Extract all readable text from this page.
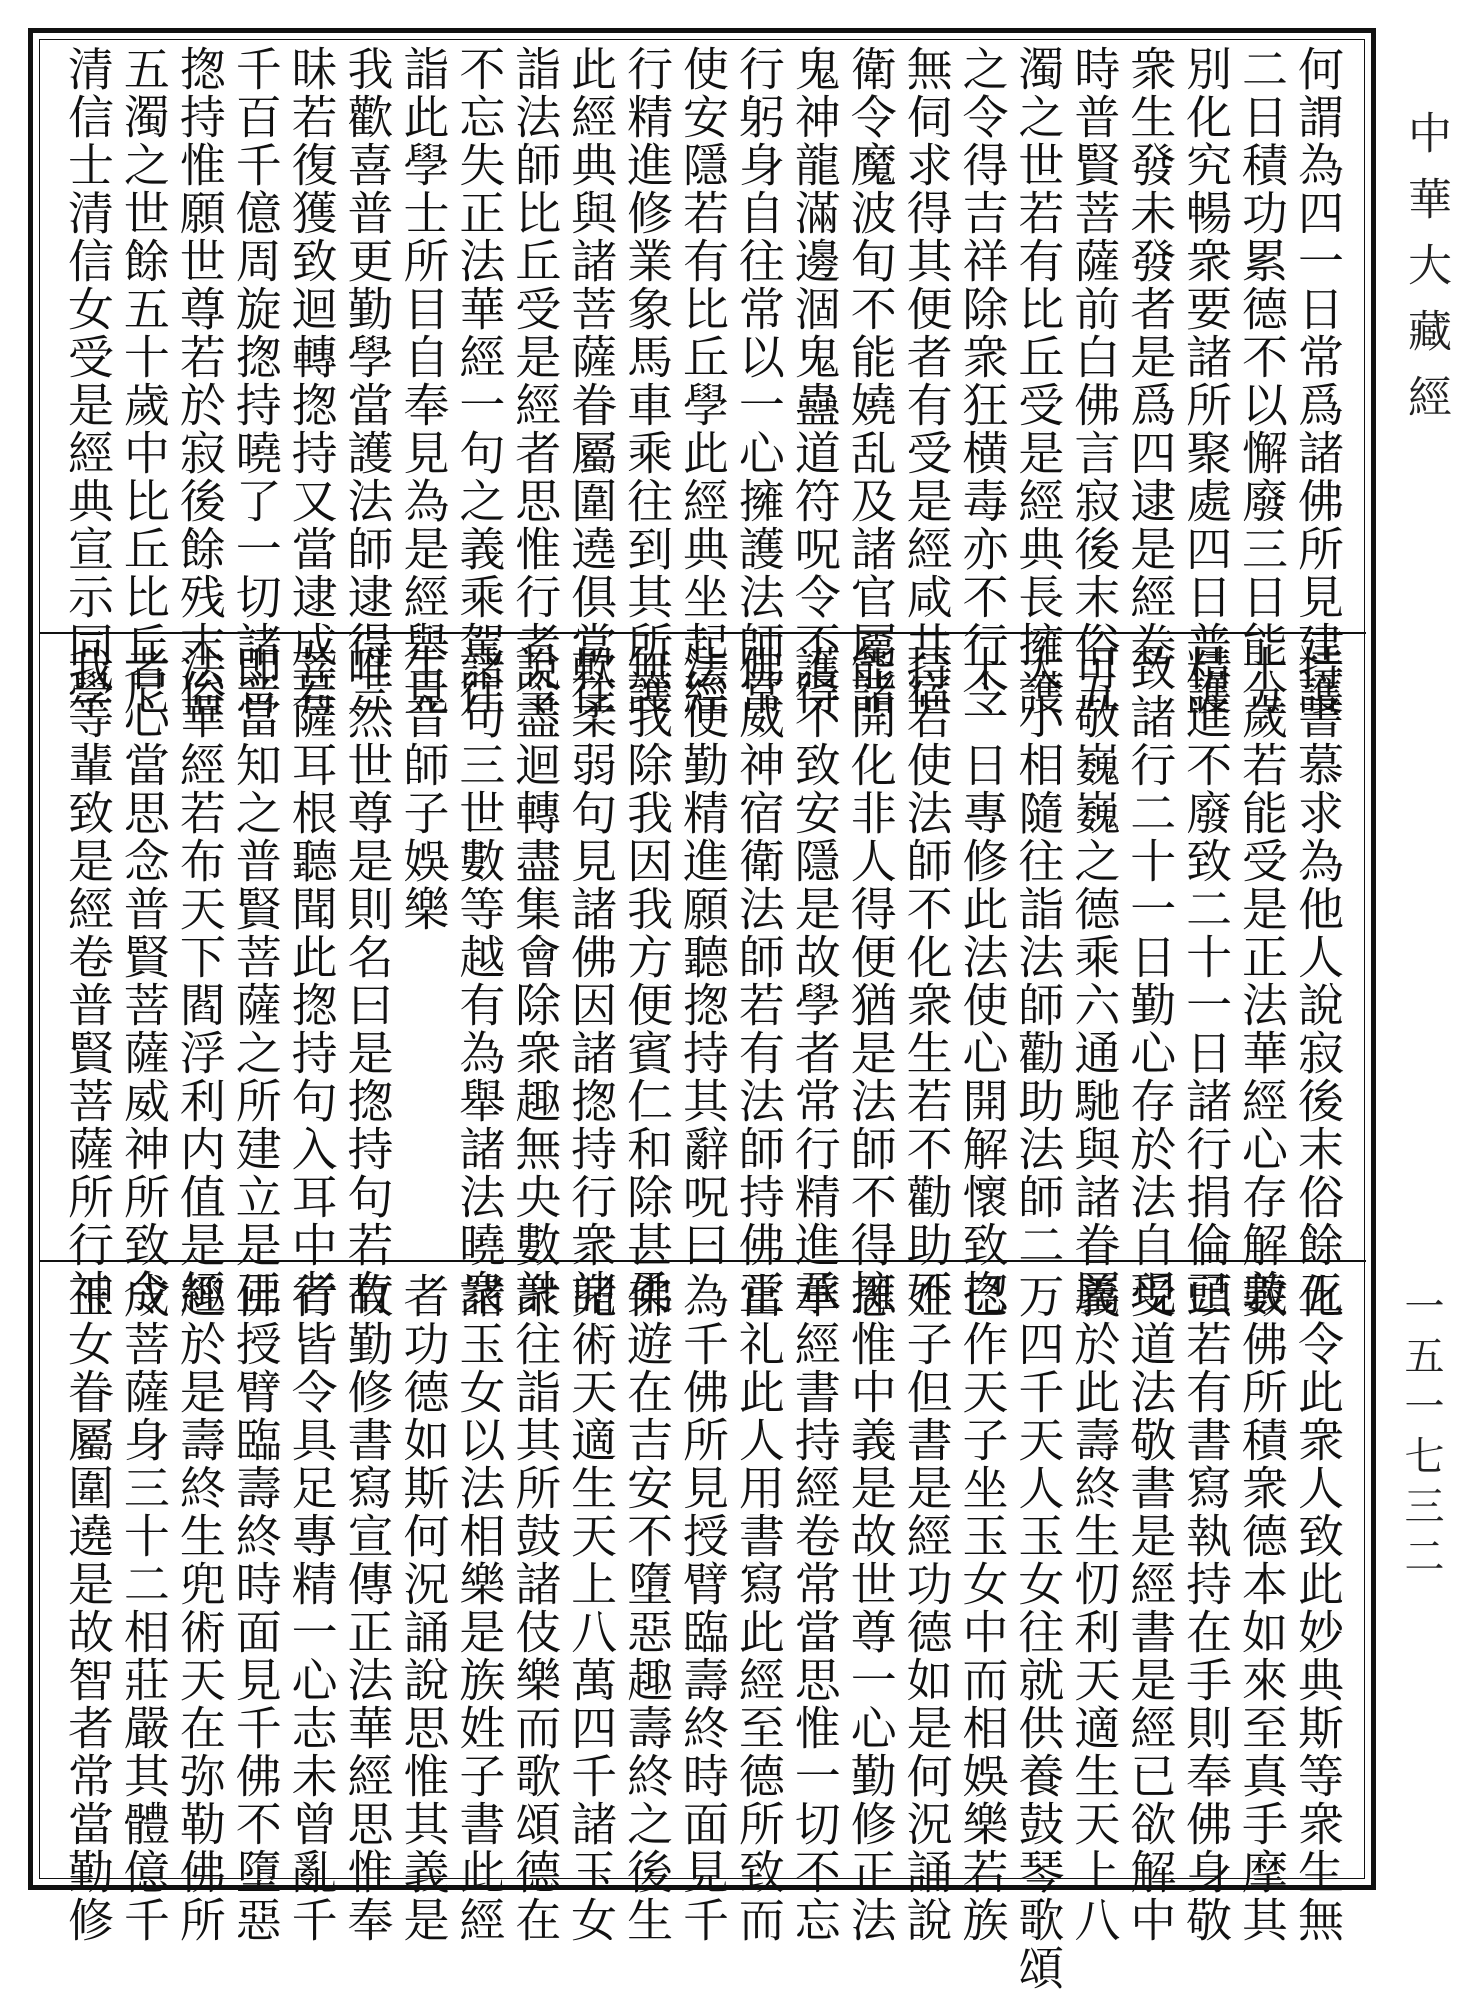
中華大藏經
一五一七三二
何謂為四一日常爲諸佛所見建護
二日積功累德不以懈廢三日能分
別化究暢衆要諸所聚處四日普護
衆生發未發者是爲四逮是經卷
時普賢菩薩前白佛言寂後末俗五
濁之世若有比丘受是經典長擁護
之令得吉祥除衆狂横毒亦不行令
無伺求得其便者有受是經咸共宿
衛令魔波旬不能嬈乱及諸官屬諸
鬼神龍滿邊涸鬼蠱道符呪令不得
行躬身自往常以一心擁護法師常
使安隱若有比丘學此經典坐起經
行精進修業象馬車乘往到其所護
此經典與諸菩薩眷屬圍遶俱當往
詣法師比丘受是經者思惟行者令
不忘失正法華經一句之義乘駕往
詣此學士所目自奉見為是經舉見
我歡喜普更勤學當護法師逮得三
昧若復獲致迴轉揔持又當逮成若
千百千億周旋揔持曉了一切諸音
揔持惟願世尊若於寂後餘残末俗
五濁之世餘五十歲中比丘比丘尼
清信士清信女受是經典宣示同學
持書慕求為他人說寂後末俗餘五
十歲若能受是正法華經心存解義
精進不廢致二十一日諸行捐倫已
致諸行二十一日勤心存於法自現
可敬巍巍之德乘六通馳與諸眷屬
大小相隨往詣法師勸助法師二
十一日專修此法使心開解懷致揔
持若使法師不化衆生若不勸助不
能開化非人得便猶是法師不得擁
護不致安隱是故學者常行精進承
佛威神宿衛法師若有法師持佛正
法便勤精進願聽揔持其辭呪曰
無我除我因我方便賓仁和除甚柔
軟柔弱句見諸佛因諸揔持行衆諸
說盡迴轉盡集會除衆趣無央數計
諸句三世數等越有為舉諸法曉衆
生音師子娛樂
唯然世尊是則名曰是揔持句若有
菩薩耳根聽聞此揔持句入耳中者
即當知之普賢菩薩之所建立是正
法華經若布天下閻浮利内值是經
者心當思念普賢菩薩威神所致令
我等輩致是經卷普賢菩薩所行神
化令此衆人致此妙典斯等衆生無
數佛所積衆德本如來至真手摩其
頭若有書寫執持在手則奉佛身敬
受道法敬書是經書是經已欲解中
義於此壽終生忉利天適生天上八
万四千天人玉女往就供養鼓琴歌頌
已作天子坐玉女中而相娛樂若族
姓子但書是經功德如是何況誦說
思惟中義是故世尊一心勤修正法
華經書持經卷常當思惟一切不忘
當礼此人用書寫此經至德所致而
為千佛所見授臂臨壽終時面見千
佛遊在吉安不墮惡趣壽終之後生
兜術天適生天上八萬四千諸玉女
衆往詣其所鼓諸伎樂而歌頌德在
諸玉女以法相樂是族姓子書此經
者功德如斯何況誦說思惟其義是
故勤修書寫宣傳正法華經思惟奉
行皆令具足專精一心志未曾亂千
佛授臂臨壽終時面見千佛不墮惡
趣於是壽終生兜術天在弥勒佛所
成菩薩身三十二相莊嚴其體億千
玉女眷屬圍遶是故智者常當勤修
